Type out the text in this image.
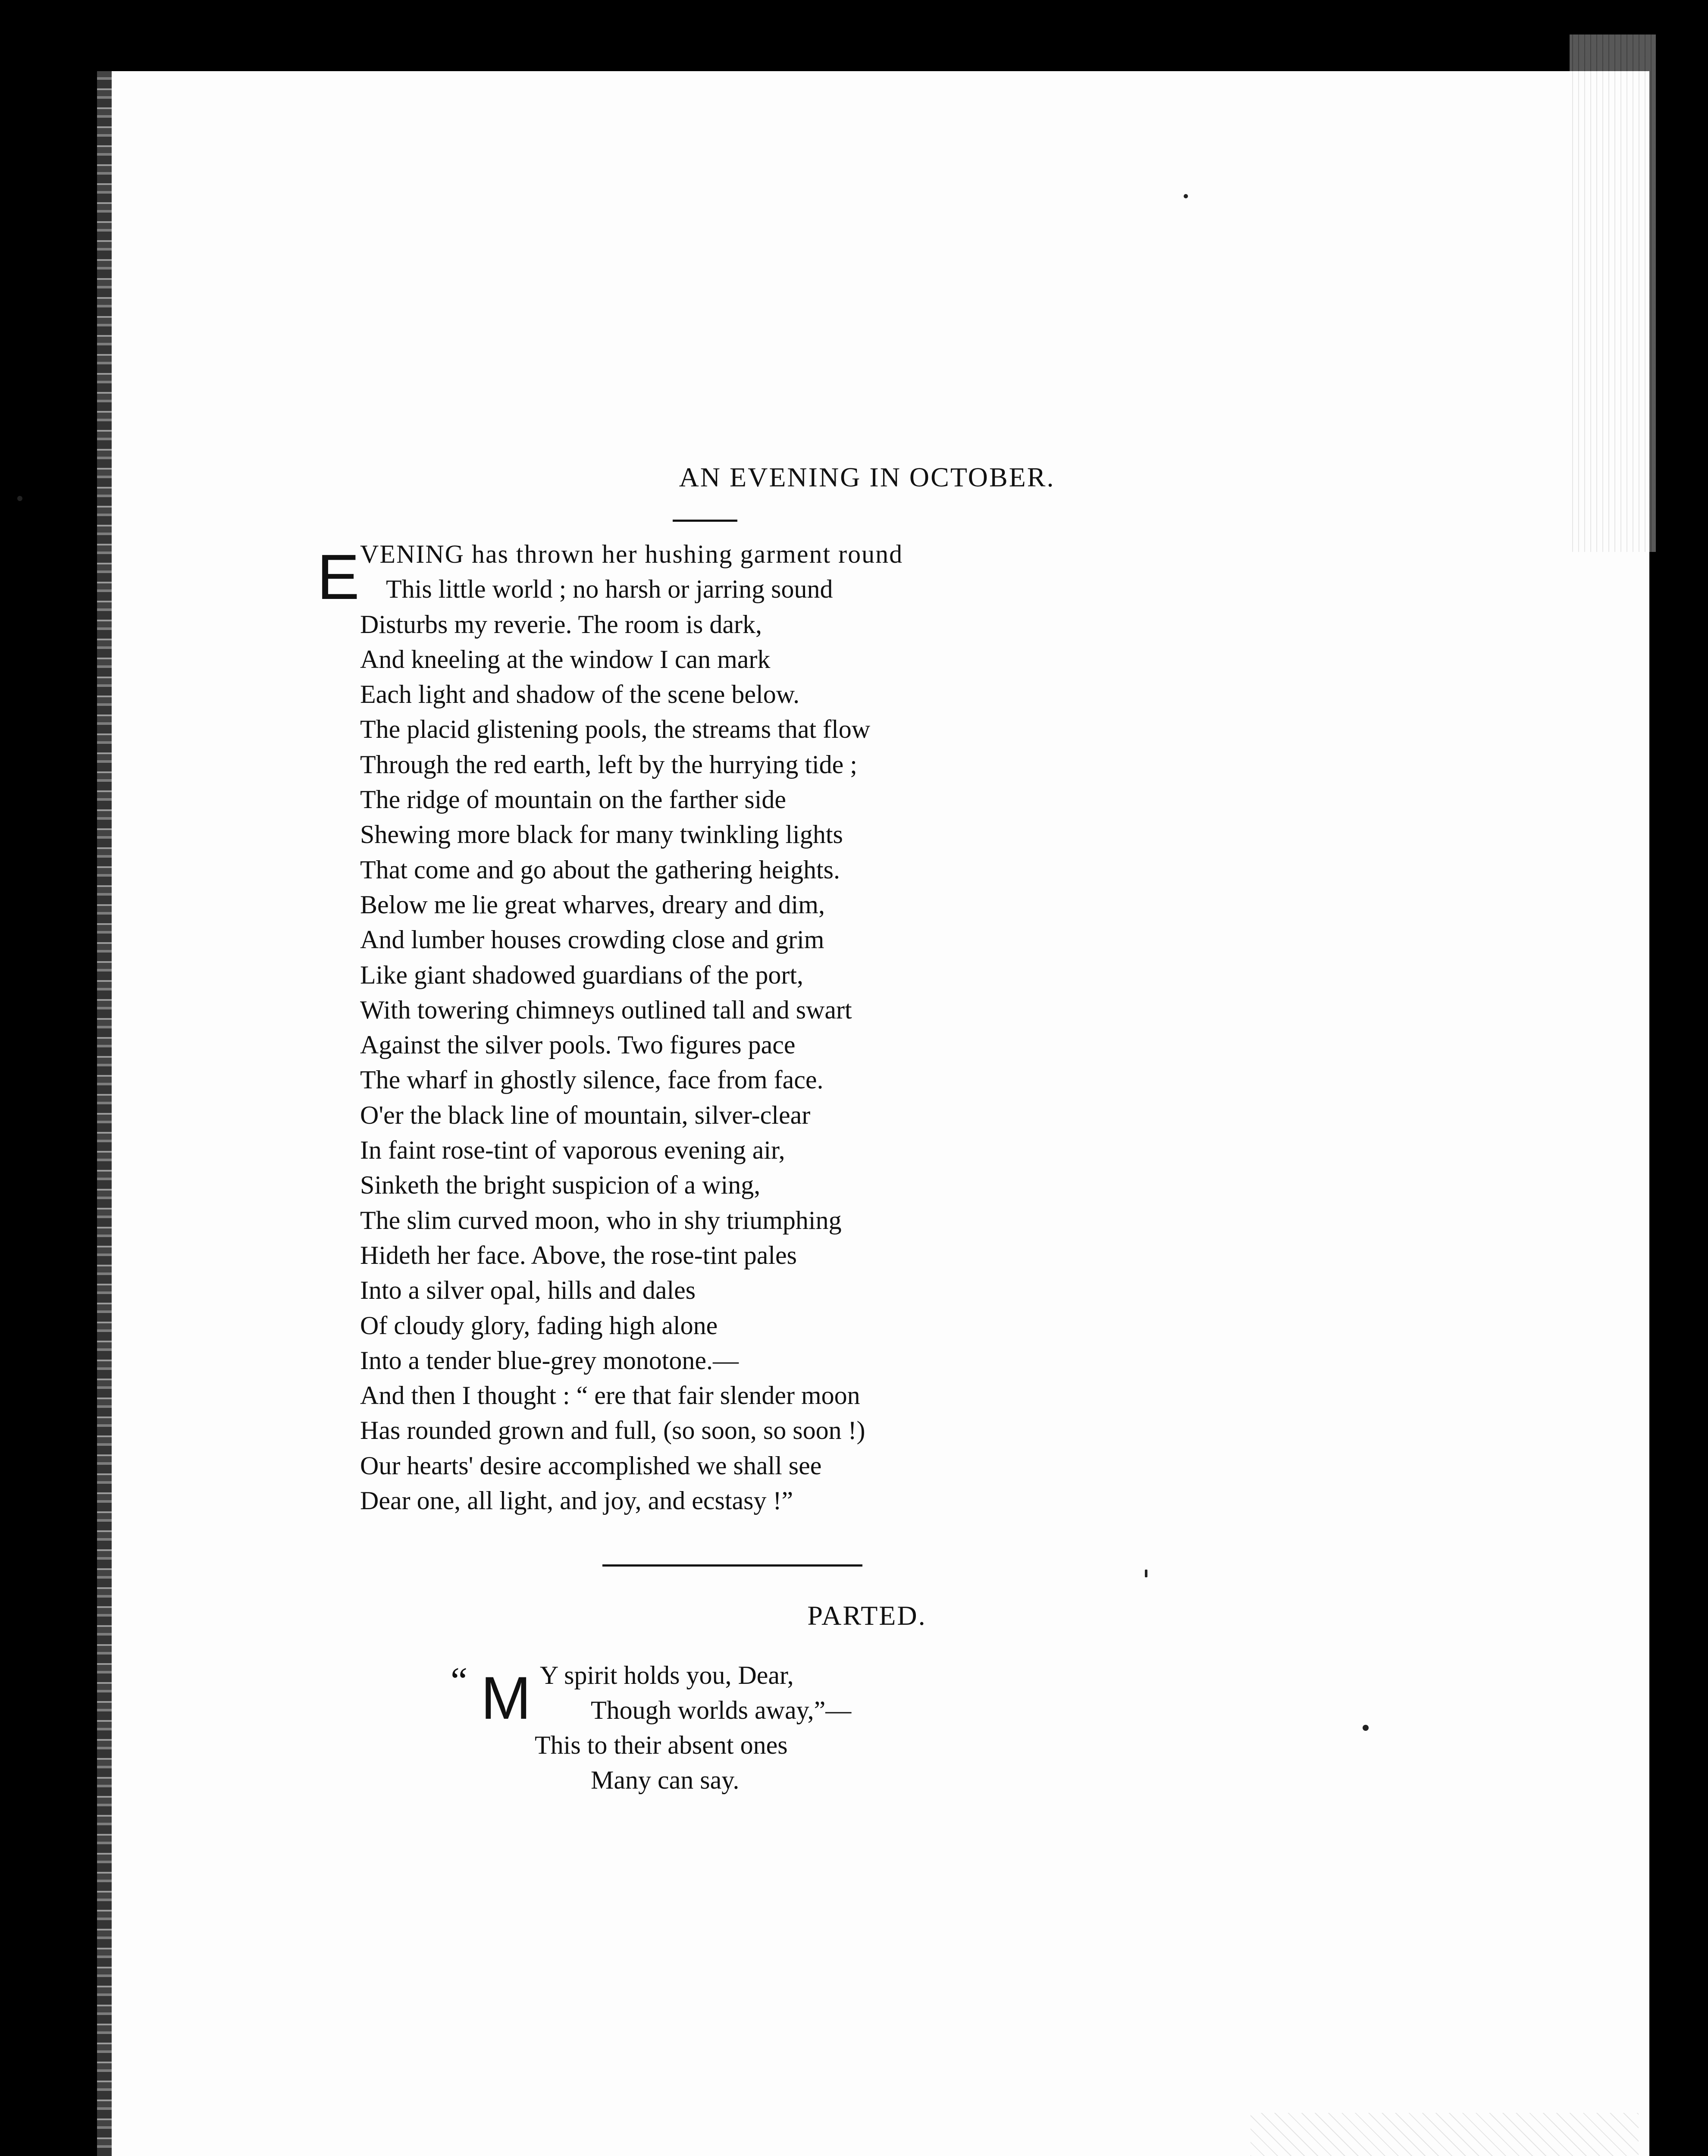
AN EVENING IN OCTOBER.
E VENING has thrown her hushing garment round
This little world ; no harsh or jarring sound
Disturbs my reverie. The room is dark,
And kneeling at the window I can mark
Each light and shadow of the scene below.
The placid glistening pools, the streams that flow
Through the red earth, left by the hurrying tide ;
The ridge of mountain on the farther side
Shewing more black for many twinkling lights
That come and go about the gathering heights.
Below me lie great wharves, dreary and dim,
And lumber houses crowding close and grim
Like giant shadowed guardians of the port,
With towering chimneys outlined tall and swart
Against the silver pools. Two figures pace
The wharf in ghostly silence, face from face.
O'er the black line of mountain, silver-clear
In faint rose-tint of vaporous evening air,
Sinketh the bright suspicion of a wing,
The slim curved moon, who in shy triumphing
Hideth her face. Above, the rose-tint pales
Into a silver opal, hills and dales
Of cloudy glory, fading high alone
Into a tender blue-grey monotone.—
And then I thought : “ ere that fair slender moon
Has rounded grown and full, (so soon, so soon !)
Our hearts' desire accomplished we shall see
Dear one, all light, and joy, and ecstasy !”
PARTED.
“ M Y spirit holds you, Dear,
Though worlds away,”—
This to their absent ones
Many can say.
